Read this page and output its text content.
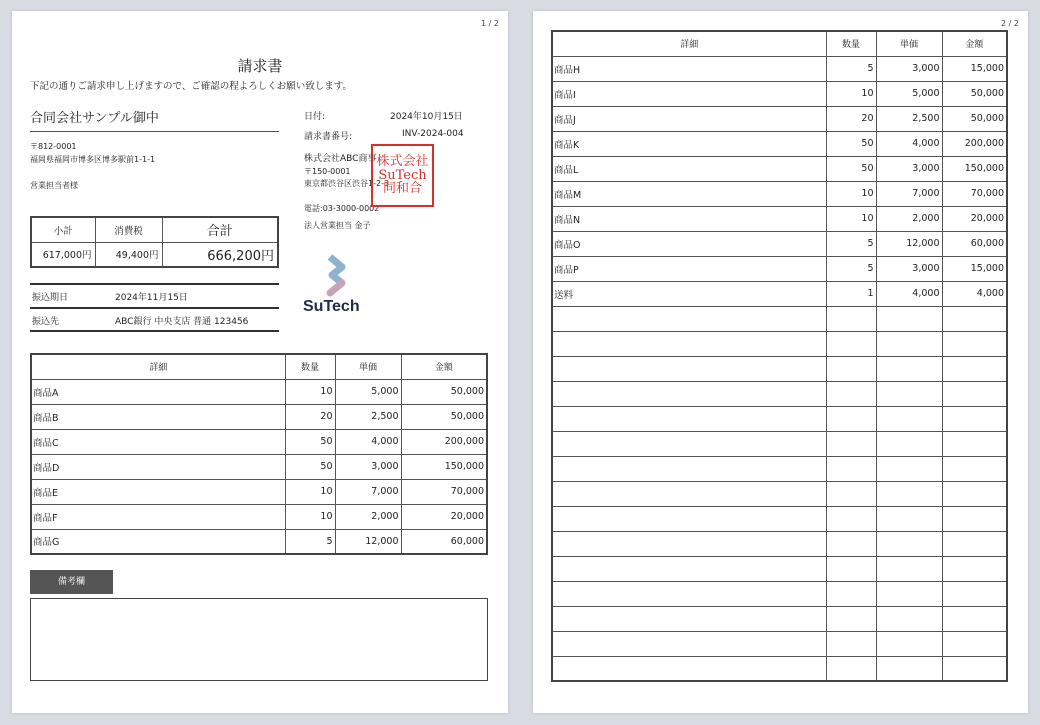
1 / 2
請求書
下記の通りご請求申し上げますので、ご確認の程よろしくお願い致します。
合同会社サンプル御中
〒812-0001
福岡県福岡市博多区博多駅前1-1-1
営業担当者様
日付:	2024年10月15日
請求書番号:	INV-2024-004
株式会社ABC商事
〒150-0001
東京都渋谷区渋谷1-2-3
電話:03-3000-0002
法人営業担当 金子
株式会社
SuTech
同和合
SuTech
小計	消費税	合計
617,000円	49,400円	666,200円
振込期日	2024年11月15日
振込先	ABC銀行 中央支店 普通 123456
詳細	数量	単価	金額
商品A	10	5,000	50,000
商品B	20	2,500	50,000
商品C	50	4,000	200,000
商品D	50	3,000	150,000
商品E	10	7,000	70,000
商品F	10	2,000	20,000
商品G	5	12,000	60,000
備考欄
2 / 2
詳細	数量	単価	金額
商品H	5	3,000	15,000
商品I	10	5,000	50,000
商品J	20	2,500	50,000
商品K	50	4,000	200,000
商品L	50	3,000	150,000
商品M	10	7,000	70,000
商品N	10	2,000	20,000
商品O	5	12,000	60,000
商品P	5	3,000	15,000
送料	1	4,000	4,000
